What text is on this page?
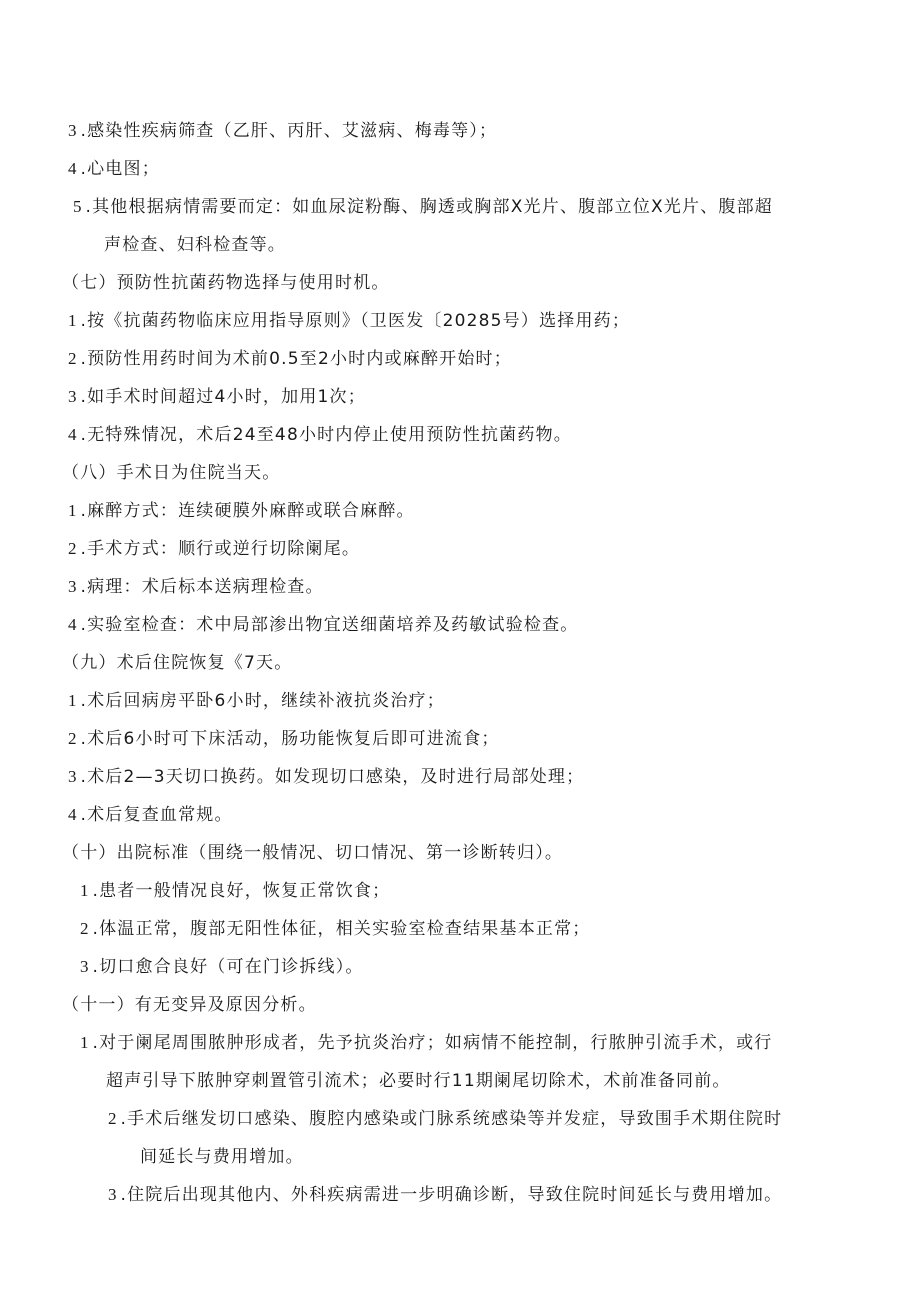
3 .感染性疾病筛查（乙肝、丙肝、艾滋病、梅毒等）；
4 .心电图；
5 .其他根据病情需要而定：如血尿淀粉酶、胸透或胸部X光片、腹部立位X光片、腹部超
声检查、妇科检查等。
（七）预防性抗菌药物选择与使用时机。
1 .按《抗菌药物临床应用指导原则》（卫医发〔20285号）选择用药；
2 .预防性用药时间为术前0.5至2小时内或麻醉开始时；
3 .如手术时间超过4小时，加用1次；
4 .无特殊情况，术后24至48小时内停止使用预防性抗菌药物。
（八）手术日为住院当天。
1 .麻醉方式：连续硬膜外麻醉或联合麻醉。
2 .手术方式：顺行或逆行切除阑尾。
3 .病理：术后标本送病理检查。
4 .实验室检查：术中局部渗出物宜送细菌培养及药敏试验检查。
（九）术后住院恢复《7天。
1 .术后回病房平卧6小时，继续补液抗炎治疗；
2 .术后6小时可下床活动，肠功能恢复后即可进流食；
3 .术后2—3天切口换药。如发现切口感染，及时进行局部处理；
4 .术后复查血常规。
（十）出院标准（围绕一般情况、切口情况、第一诊断转归）。
1 .患者一般情况良好，恢复正常饮食；
2 .体温正常，腹部无阳性体征，相关实验室检查结果基本正常；
3 .切口愈合良好（可在门诊拆线）。
（十一）有无变异及原因分析。
1 .对于阑尾周围脓肿形成者，先予抗炎治疗；如病情不能控制，行脓肿引流手术，或行
超声引导下脓肿穿刺置管引流术；必要时行11期阑尾切除术，术前准备同前。
2 .手术后继发切口感染、腹腔内感染或门脉系统感染等并发症，导致围手术期住院时
间延长与费用增加。
3 .住院后出现其他内、外科疾病需进一步明确诊断，导致住院时间延长与费用增加。
